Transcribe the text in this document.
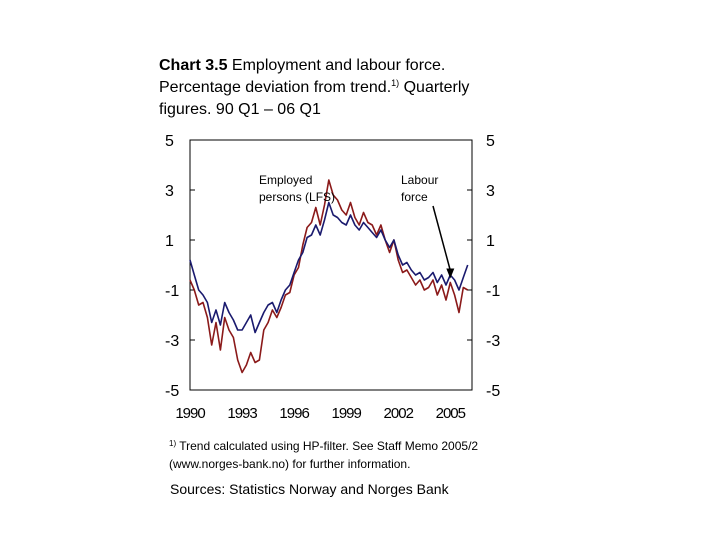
Chart 3.5 Employment and labour force.
Percentage deviation from trend.$^{1)}$ Quarterly
figures. 90 Q1 – 06 Q1
5	5
3	3
1	1
-1	-1
-3	-3
-5	-5
1990 1993 1996 1999 2002 2005
Employed
persons (LFS)
Labour
force
$^{1)}$ Trend calculated using HP-filter. See Staff Memo 2005/2
(www.norges-bank.no) for further information.
Sources: Statistics Norway and Norges Bank
